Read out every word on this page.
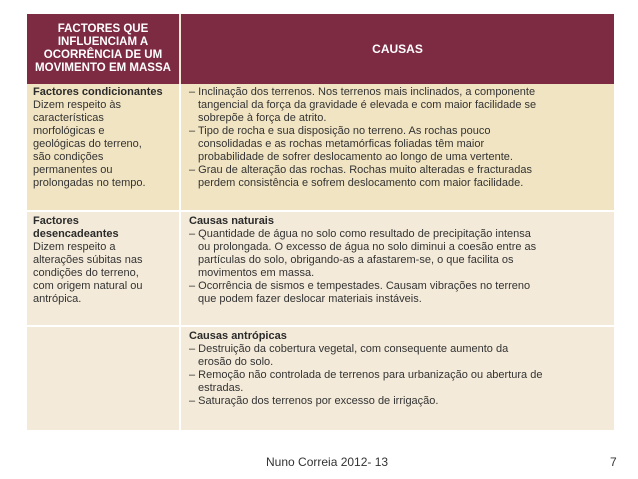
FACTORES QUE
INFLUENCIAM A
OCORRÊNCIA DE UM
MOVIMENTO EM MASSA
CAUSAS
Factores condicionantes
Dizem respeito às
características
morfológicas e
geológicas do terreno,
são condições
permanentes ou
prolongadas no tempo.
– Inclinação dos terrenos. Nos terrenos mais inclinados, a componente
tangencial da força da gravidade é elevada e com maior facilidade se
sobrepõe à força de atrito.
– Tipo de rocha e sua disposição no terreno. As rochas pouco
consolidadas e as rochas metamórficas foliadas têm maior
probabilidade de sofrer deslocamento ao longo de uma vertente.
– Grau de alteração das rochas. Rochas muito alteradas e fracturadas
perdem consistência e sofrem deslocamento com maior facilidade.
Factores
desencadeantes
Dizem respeito a
alterações súbitas nas
condições do terreno,
com origem natural ou
antrópica.
Causas naturais
– Quantidade de água no solo como resultado de precipitação intensa
ou prolongada. O excesso de água no solo diminui a coesão entre as
partículas do solo, obrigando-as a afastarem-se, o que facilita os
movimentos em massa.
– Ocorrência de sismos e tempestades. Causam vibrações no terreno
que podem fazer deslocar materiais instáveis.
Causas antrópicas
– Destruição da cobertura vegetal, com consequente aumento da
erosão do solo.
– Remoção não controlada de terrenos para urbanização ou abertura de
estradas.
– Saturação dos terrenos por excesso de irrigação.
Nuno Correia 2012- 13	7
